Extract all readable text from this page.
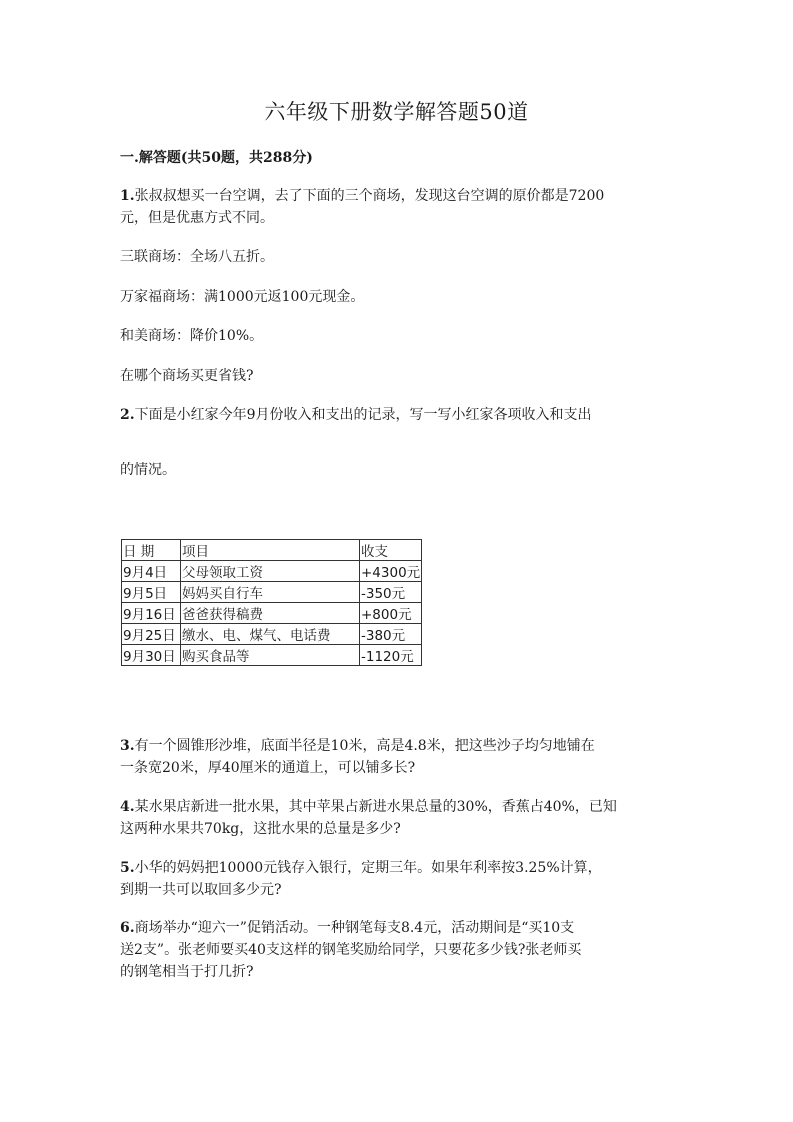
六年级下册数学解答题50道
一.解答题(共50题，共288分)
1.张叔叔想买一台空调，去了下面的三个商场，发现这台空调的原价都是7200
元，但是优惠方式不同。
三联商场：全场八五折。
万家福商场：满1000元返100元现金。
和美商场：降价10%。
在哪个商场买更省钱?
2.下面是小红家今年9月份收入和支出的记录，写一写小红家各项收入和支出
的情况。
日 期	项目	收支
9月4日	父母领取工资	+4300元
9月5日	妈妈买自行车	-350元
9月16日	爸爸获得稿费	+800元
9月25日	缴水、电、煤气、电话费	-380元
9月30日	购买食品等	-1120元
3.有一个圆锥形沙堆，底面半径是10米，高是4.8米，把这些沙子均匀地铺在
一条宽20米，厚40厘米的通道上，可以铺多长?
4.某水果店新进一批水果，其中苹果占新进水果总量的30%，香蕉占40%，已知
这两种水果共70kg，这批水果的总量是多少?
5.小华的妈妈把10000元钱存入银行，定期三年。如果年利率按3.25%计算，
到期一共可以取回多少元?
6.商场举办“迎六一”促销活动。一种钢笔每支8.4元，活动期间是“买10支
送2支”。张老师要买40支这样的钢笔奖励给同学，只要花多少钱?张老师买
的钢笔相当于打几折?
